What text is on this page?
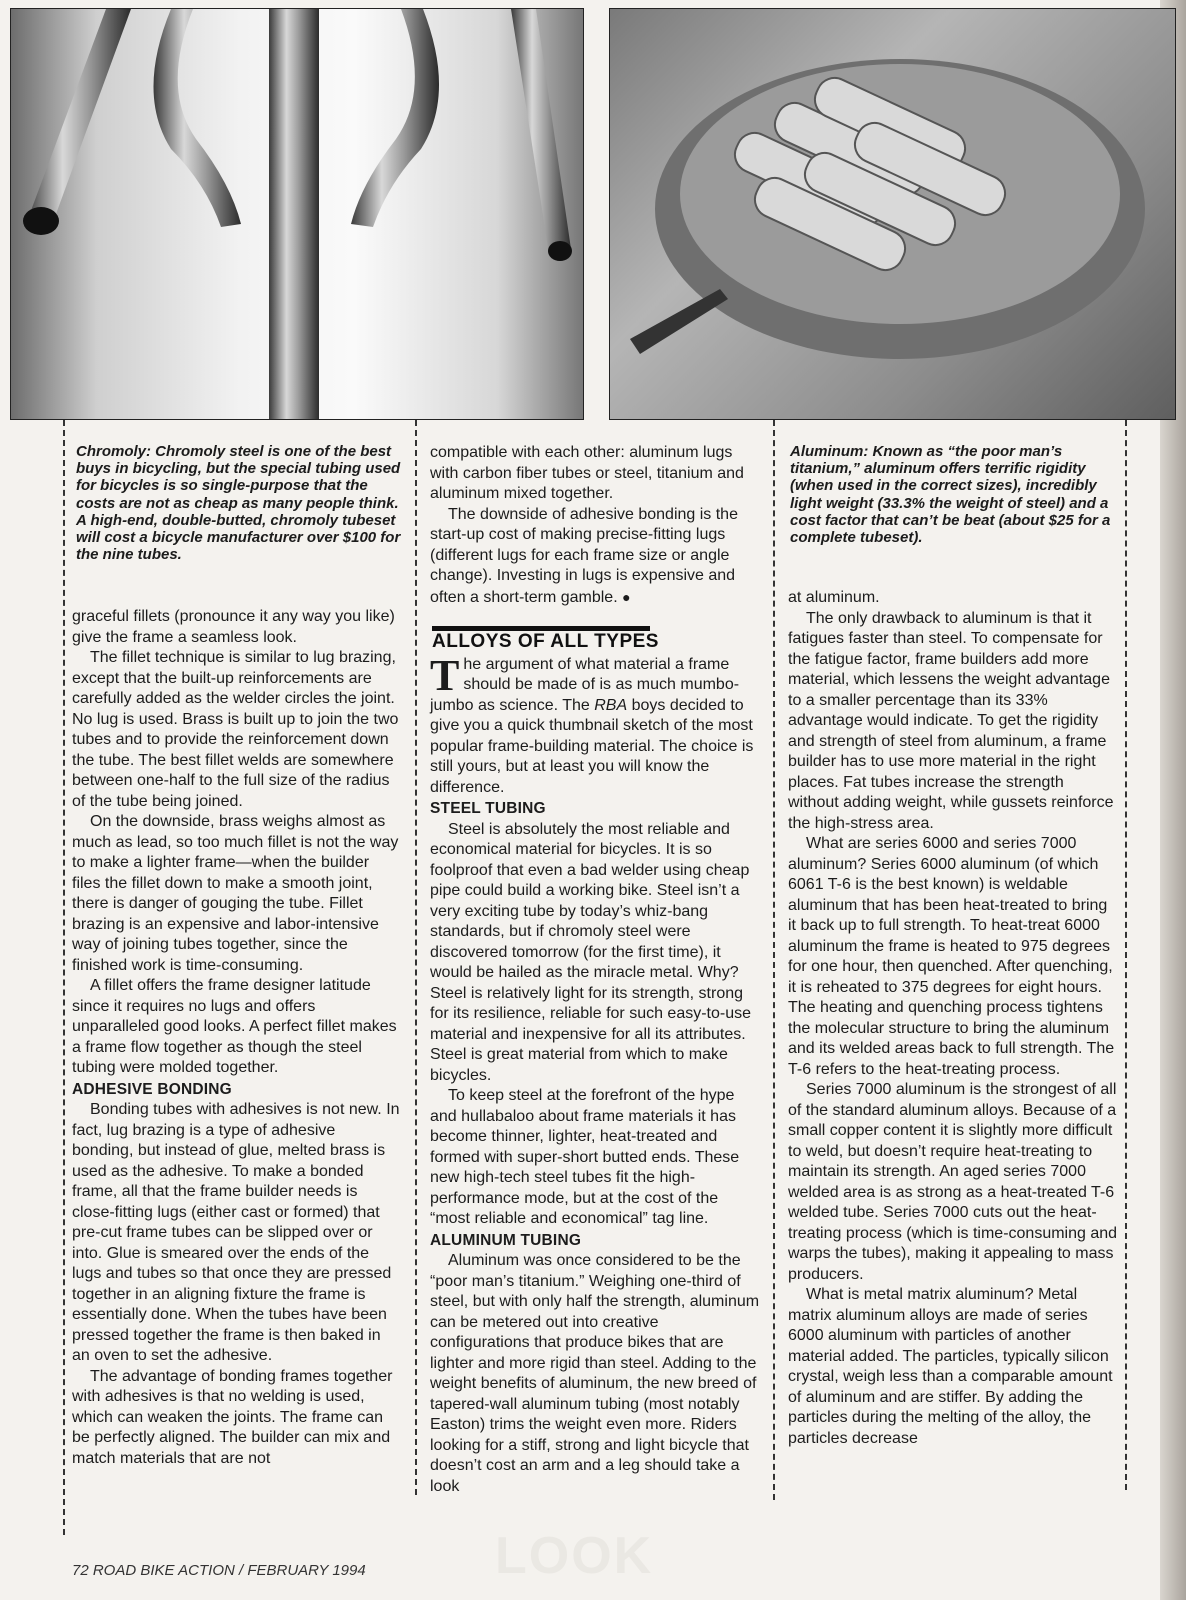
Chromoly: Chromoly steel is one of the best buys in bicycling, but the special tubing used for bicycles is so single-purpose that the costs are not as cheap as many people think. A high-end, double-butted, chromoly tubeset will cost a bicycle manufacturer over $100 for the nine tubes.
Aluminum: Known as “the poor man’s titanium,” aluminum offers terrific rigidity (when used in the correct sizes), incredibly light weight (33.3% the weight of steel) and a cost factor that can’t be beat (about $25 for a complete tubeset).

graceful fillets (pronounce it any way you like) give the frame a seamless look.

The fillet technique is similar to lug brazing, except that the built-up reinforcements are carefully added as the welder circles the joint. No lug is used. Brass is built up to join the two tubes and to provide the reinforcement down the tube. The best fillet welds are somewhere between one-half to the full size of the radius of the tube being joined.

On the downside, brass weighs almost as much as lead, so too much fillet is not the way to make a lighter frame—when the builder files the fillet down to make a smooth joint, there is danger of gouging the tube. Fillet brazing is an expensive and labor-intensive way of joining tubes together, since the finished work is time-consuming.

A fillet offers the frame designer latitude since it requires no lugs and offers unparalleled good looks. A perfect fillet makes a frame flow together as though the steel tubing were molded together.

ADHESIVE BONDING

Bonding tubes with adhesives is not new. In fact, lug brazing is a type of adhesive bonding, but instead of glue, melted brass is used as the adhesive. To make a bonded frame, all that the frame builder needs is close-fitting lugs (either cast or formed) that pre-cut frame tubes can be slipped over or into. Glue is smeared over the ends of the lugs and tubes so that once they are pressed together in an aligning fixture the frame is essentially done. When the tubes have been pressed together the frame is then baked in an oven to set the adhesive.

The advantage of bonding frames together with adhesives is that no welding is used, which can weaken the joints. The frame can be perfectly aligned. The builder can mix and match materials that are not

compatible with each other: aluminum lugs with carbon fiber tubes or steel, titanium and aluminum mixed together.

The downside of adhesive bonding is the start-up cost of making precise-fitting lugs (different lugs for each frame size or angle change). Investing in lugs is expensive and often a short-term gamble. ●

ALLOYS OF ALL TYPES

The argument of what material a frame should be made of is as much mumbo-jumbo as science. The RBA boys decided to give you a quick thumbnail sketch of the most popular frame-building material. The choice is still yours, but at least you will know the difference.

STEEL TUBING

Steel is absolutely the most reliable and economical material for bicycles. It is so foolproof that even a bad welder using cheap pipe could build a working bike. Steel isn’t a very exciting tube by today’s whiz-bang standards, but if chromoly steel were discovered tomorrow (for the first time), it would be hailed as the miracle metal. Why? Steel is relatively light for its strength, strong for its resilience, reliable for such easy-to-use material and inexpensive for all its attributes. Steel is great material from which to make bicycles.

To keep steel at the forefront of the hype and hullabaloo about frame materials it has become thinner, lighter, heat-treated and formed with super-short butted ends. These new high-tech steel tubes fit the high-performance mode, but at the cost of the “most reliable and economical” tag line.

ALUMINUM TUBING

Aluminum was once considered to be the “poor man’s titanium.” Weighing one-third of steel, but with only half the strength, aluminum can be metered out into creative configurations that produce bikes that are lighter and more rigid than steel. Adding to the weight benefits of aluminum, the new breed of tapered-wall aluminum tubing (most notably Easton) trims the weight even more. Riders looking for a stiff, strong and light bicycle that doesn’t cost an arm and a leg should take a look

at aluminum.

The only drawback to aluminum is that it fatigues faster than steel. To compensate for the fatigue factor, frame builders add more material, which lessens the weight advantage to a smaller percentage than its 33% advantage would indicate. To get the rigidity and strength of steel from aluminum, a frame builder has to use more material in the right places. Fat tubes increase the strength without adding weight, while gussets reinforce the high-stress area.

What are series 6000 and series 7000 aluminum? Series 6000 aluminum (of which 6061 T-6 is the best known) is weldable aluminum that has been heat-treated to bring it back up to full strength. To heat-treat 6000 aluminum the frame is heated to 975 degrees for one hour, then quenched. After quenching, it is reheated to 375 degrees for eight hours. The heating and quenching process tightens the molecular structure to bring the aluminum and its welded areas back to full strength. The T-6 refers to the heat-treating process.

Series 7000 aluminum is the strongest of all of the standard aluminum alloys. Because of a small copper content it is slightly more difficult to weld, but doesn’t require heat-treating to maintain its strength. An aged series 7000 welded area is as strong as a heat-treated T-6 welded tube. Series 7000 cuts out the heat-treating process (which is time-consuming and warps the tubes), making it appealing to mass producers.

What is metal matrix aluminum? Metal matrix aluminum alloys are made of series 6000 aluminum with particles of another material added. The particles, typically silicon crystal, weigh less than a comparable amount of aluminum and are stiffer. By adding the particles during the melting of the alloy, the particles decrease

LOOK
72 ROAD BIKE ACTION / FEBRUARY 1994
